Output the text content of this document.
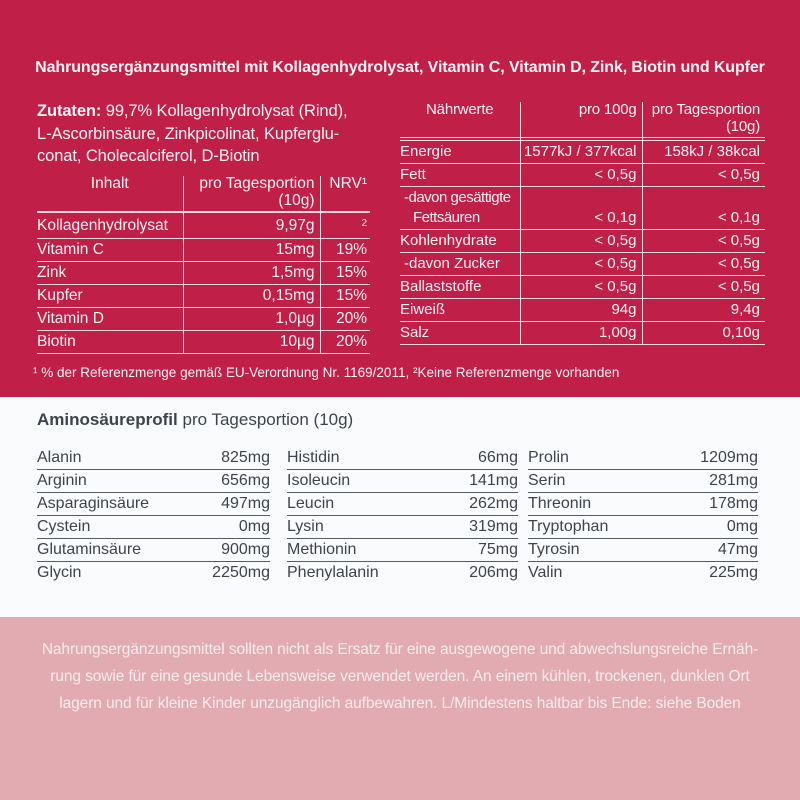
Nahrungsergänzungsmittel mit Kollagenhydrolysat, Vitamin C, Vitamin D, Zink, Biotin und Kupfer
Zutaten: 99,7% Kollagenhydrolysat (Rind),
L-Ascorbinsäure, Zinkpicolinat, Kupferglu-
conat, Cholecalciferol, D-Biotin
Inhalt	pro Tagesportion
(10g)	NRV¹
Kollagenhydrolysat	9,97g	$^2$
Vitamin C	15mg	19%
Zink	1,5mg	15%
Kupfer	0,15mg	15%
Vitamin D	1,0µg	20%
Biotin	10µg	20%
Nährwerte	pro 100g	pro Tagesportion
(10g)

Energie	1577kJ / 377kcal	158kJ / 38kcal
Fett	< 0,5g	< 0,5g

-davon gesättigte
Fettsäuren	< 0,1g	< 0,1g
Kohlenhydrate	< 0,5g	< 0,5g
-davon Zucker	< 0,5g	< 0,5g
Ballaststoffe	< 0,5g	< 0,5g
Eiweiß	94g	9,4g
Salz	1,00g	0,10g
¹ % der Referenzmenge gemäß EU-Verordnung Nr. 1169/2011, ²Keine Referenzmenge vorhanden
Aminosäureprofil pro Tagesportion (10g)
Alanin	825mg
Arginin	656mg
Asparaginsäure	497mg
Cystein	0mg
Glutaminsäure	900mg
Glycin	2250mg
Histidin	66mg
Isoleucin	141mg
Leucin	262mg
Lysin	319mg
Methionin	75mg
Phenylalanin	206mg
Prolin	1209mg
Serin	281mg
Threonin	178mg
Tryptophan	0mg
Tyrosin	47mg
Valin	225mg
Nahrungsergänzungsmittel sollten nicht als Ersatz für eine ausgewogene und abwechslungsreiche Ernäh-
rung sowie für eine gesunde Lebensweise verwendet werden. An einem kühlen, trockenen, dunklen Ort
lagern und für kleine Kinder unzugänglich aufbewahren. L/Mindestens haltbar bis Ende: siehe Boden
